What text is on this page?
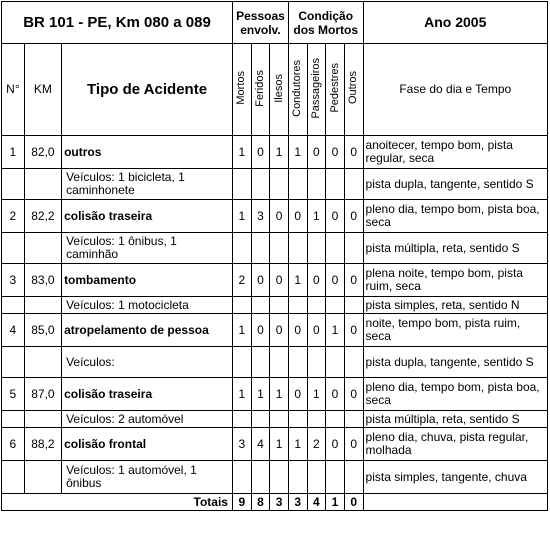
BR 101 - PE, Km 080 a 089			Pessoas envolv.			Condição dos Mortos				Ano 2005
N°	KM	Tipo de Acidente	Mortos	Feridos	Ilesos	Condutores	Passageiros	Pedestres	Outros	Fase do dia e Tempo
1	82,0	outros	1	0	1	1	0	0	0	anoitecer, tempo bom, pista regular, seca
		Veículos: 1 bicicleta, 1 caminhonete								pista dupla, tangente, sentido S
2	82,2	colisão traseira	1	3	0	0	1	0	0	pleno dia, tempo bom, pista boa, seca
		Veículos: 1 ônibus, 1 caminhão								pista múltipla, reta, sentido S
3	83,0	tombamento	2	0	0	1	0	0	0	plena noite, tempo bom, pista ruim, seca
		Veículos: 1 motocicleta								pista simples, reta, sentido N
4	85,0	atropelamento de pessoa	1	0	0	0	0	1	0	noite, tempo bom, pista ruim, seca
		Veículos:								pista dupla, tangente, sentido S
5	87,0	colisão traseira	1	1	1	0	1	0	0	pleno dia, tempo bom, pista boa, seca
		Veículos: 2 automóvel								pista múltipla, reta, sentido S
6	88,2	colisão frontal	3	4	1	1	2	0	0	pleno dia, chuva, pista regular, molhada
		Veículos: 1 automóvel, 1 ônibus								pista simples, tangente, chuva
Totais			9	8	3	3	4	1	0	
